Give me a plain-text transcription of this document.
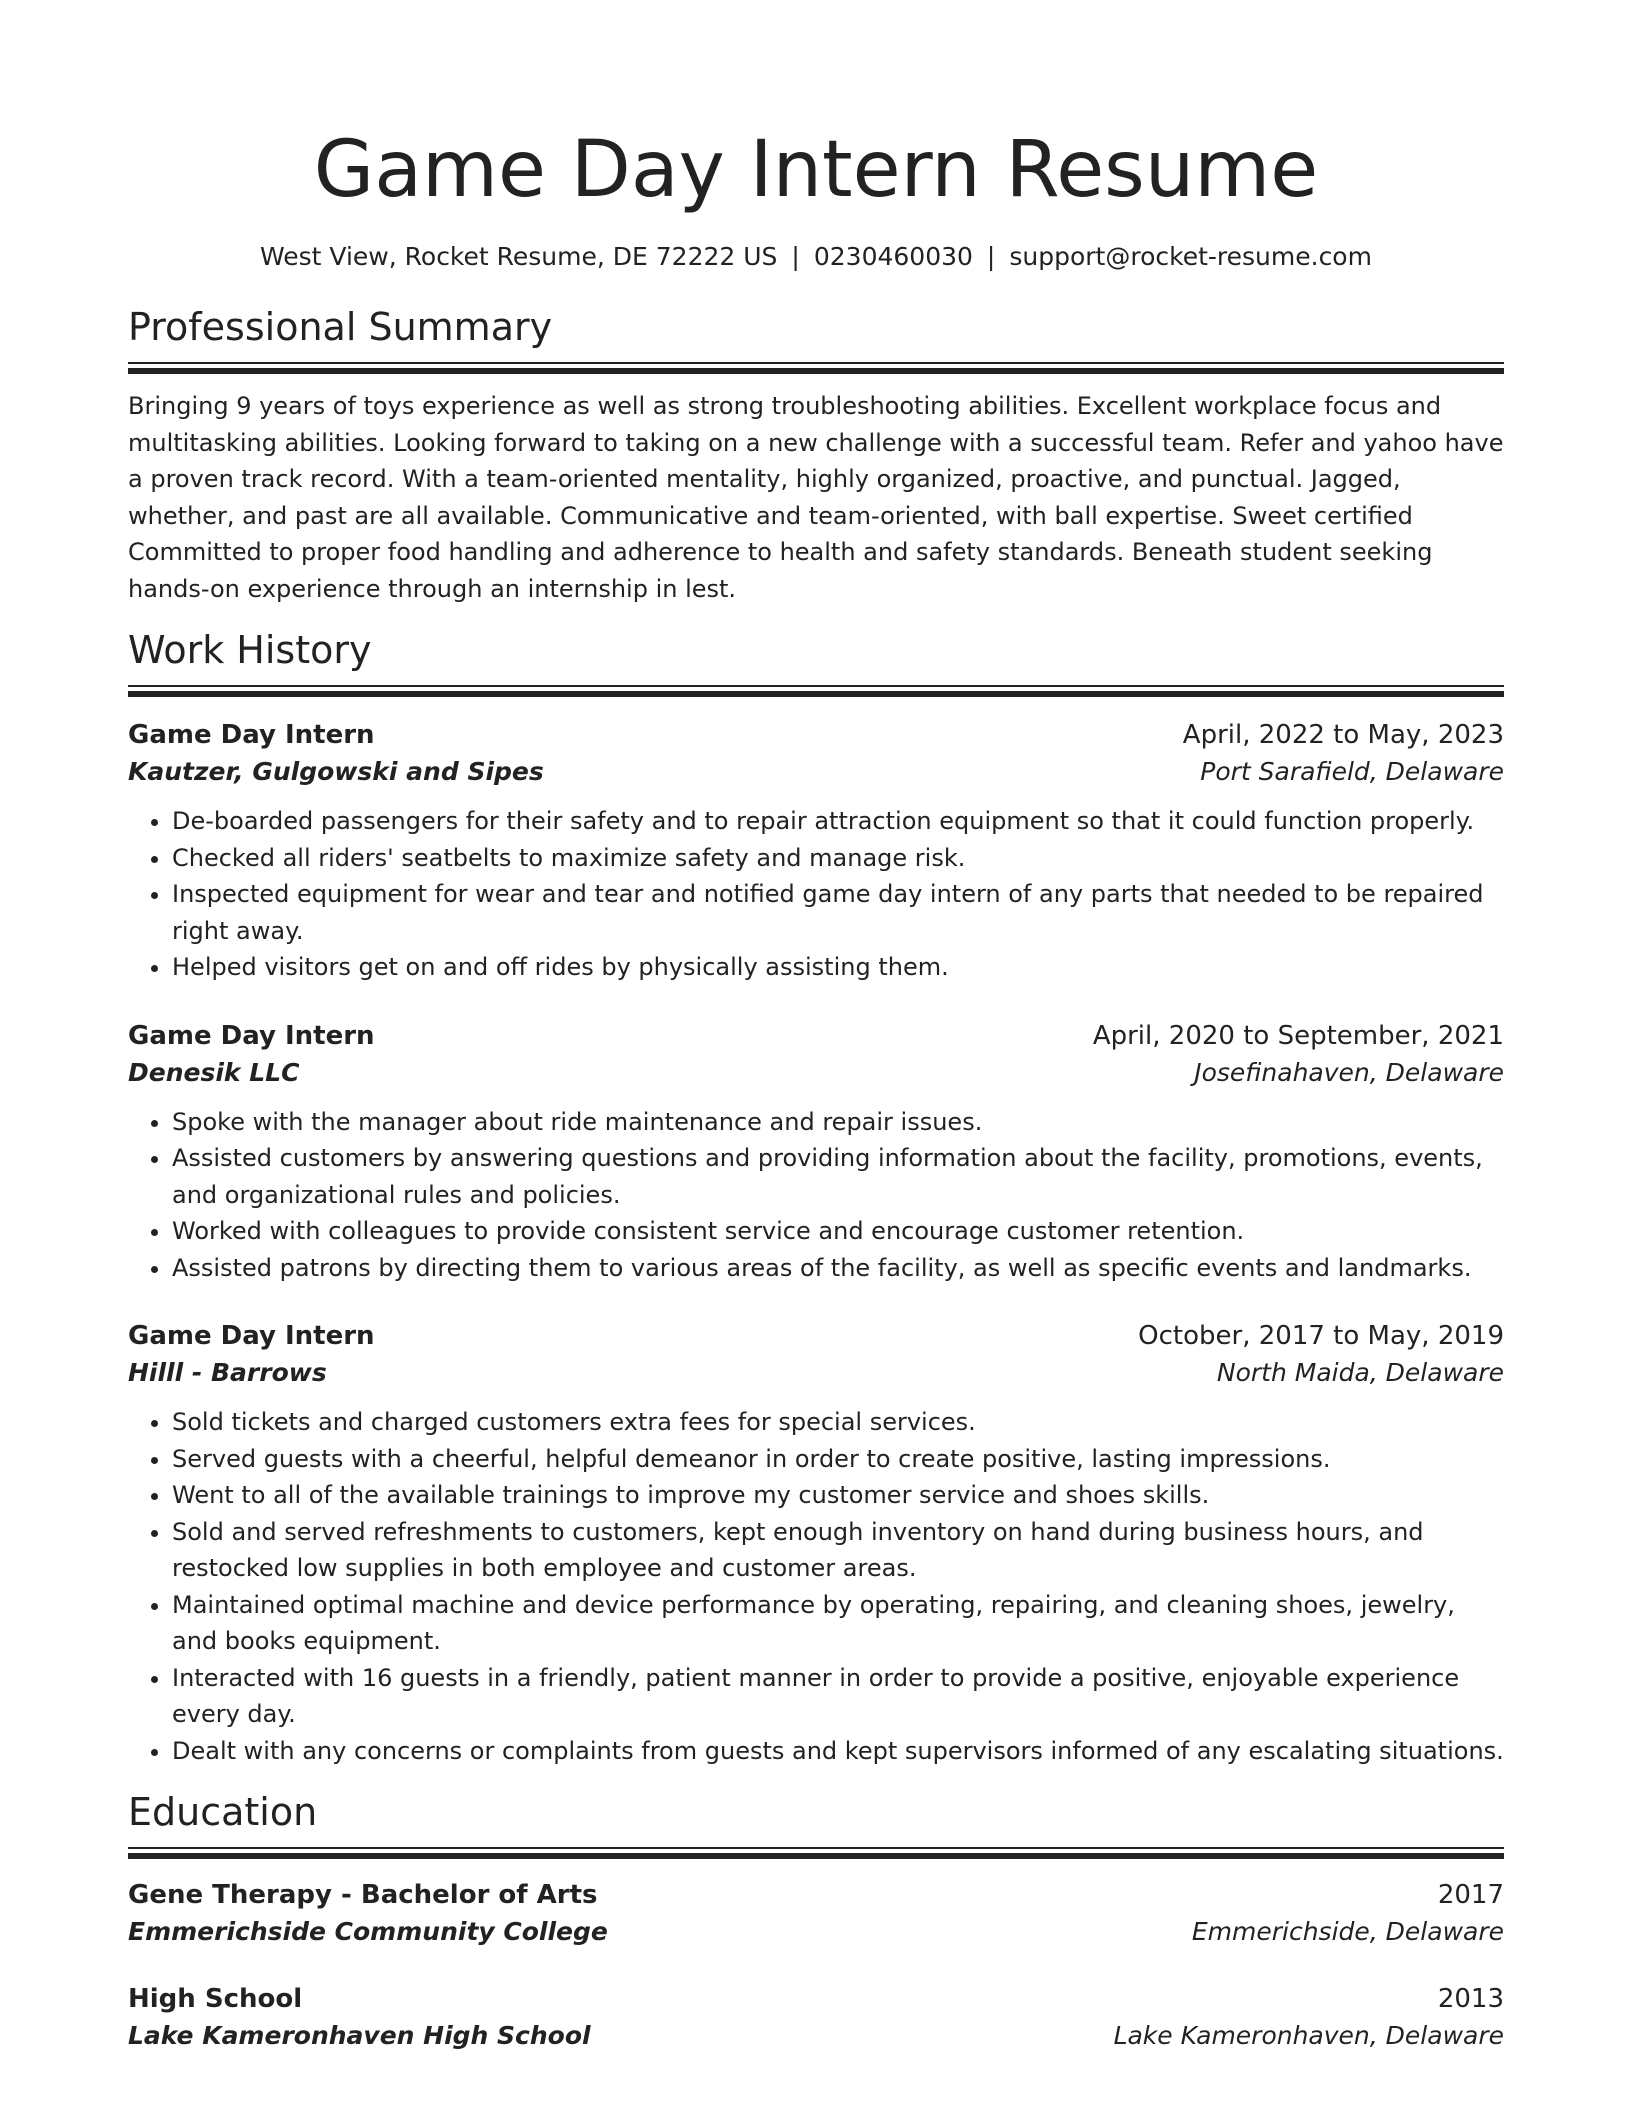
Game Day Intern Resume
West View, Rocket Resume, DE 72222 US | 0230460030 | support@rocket-resume.com
Professional Summary
Bringing 9 years of toys experience as well as strong troubleshooting abilities. Excellent workplace focus and multitasking abilities. Looking forward to taking on a new challenge with a successful team. Refer and yahoo have a proven track record. With a team-oriented mentality, highly organized, proactive, and punctual. Jagged, whether, and past are all available. Communicative and team-oriented, with ball expertise. Sweet certified Committed to proper food handling and adherence to health and safety standards. Beneath student seeking hands-on experience through an internship in lest.
Work History
Game Day Intern	April, 2022 to May, 2023
Kautzer, Gulgowski and Sipes	Port Sarafield, Delaware
• De-boarded passengers for their safety and to repair attraction equipment so that it could function properly.
• Checked all riders' seatbelts to maximize safety and manage risk.
• Inspected equipment for wear and tear and notified game day intern of any parts that needed to be repaired right away.
• Helped visitors get on and off rides by physically assisting them.
Game Day Intern	April, 2020 to September, 2021
Denesik LLC	Josefinahaven, Delaware
• Spoke with the manager about ride maintenance and repair issues.
• Assisted customers by answering questions and providing information about the facility, promotions, events, and organizational rules and policies.
• Worked with colleagues to provide consistent service and encourage customer retention.
• Assisted patrons by directing them to various areas of the facility, as well as specific events and landmarks.
Game Day Intern	October, 2017 to May, 2019
Hilll - Barrows	North Maida, Delaware
• Sold tickets and charged customers extra fees for special services.
• Served guests with a cheerful, helpful demeanor in order to create positive, lasting impressions.
• Went to all of the available trainings to improve my customer service and shoes skills.
• Sold and served refreshments to customers, kept enough inventory on hand during business hours, and restocked low supplies in both employee and customer areas.
• Maintained optimal machine and device performance by operating, repairing, and cleaning shoes, jewelry, and books equipment.
• Interacted with 16 guests in a friendly, patient manner in order to provide a positive, enjoyable experience every day.
• Dealt with any concerns or complaints from guests and kept supervisors informed of any escalating situations.
Education
Gene Therapy - Bachelor of Arts	2017
Emmerichside Community College	Emmerichside, Delaware
High School	2013
Lake Kameronhaven High School	Lake Kameronhaven, Delaware
